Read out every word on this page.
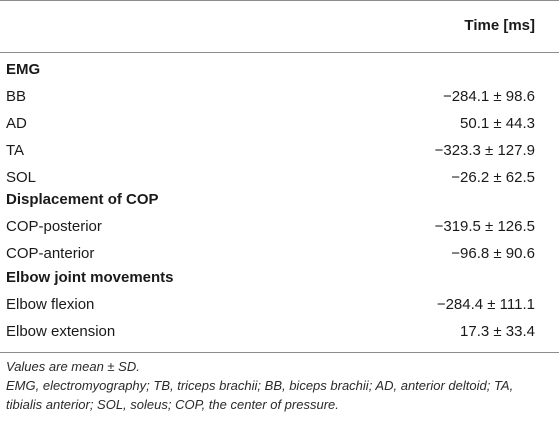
Time [ms]
EMG
BB	−284.1 ± 98.6
AD	50.1 ± 44.3
TA	−323.3 ± 127.9
SOL	−26.2 ± 62.5
Displacement of COP
COP-posterior	−319.5 ± 126.5
COP-anterior	−96.8 ± 90.6
Elbow joint movements
Elbow flexion	−284.4 ± 111.1
Elbow extension	17.3 ± 33.4

Values are mean ± SD.

EMG, electromyography; TB, triceps brachii; BB, biceps brachii; AD, anterior deltoid; TA,

tibialis anterior; SOL, soleus; COP, the center of pressure.
